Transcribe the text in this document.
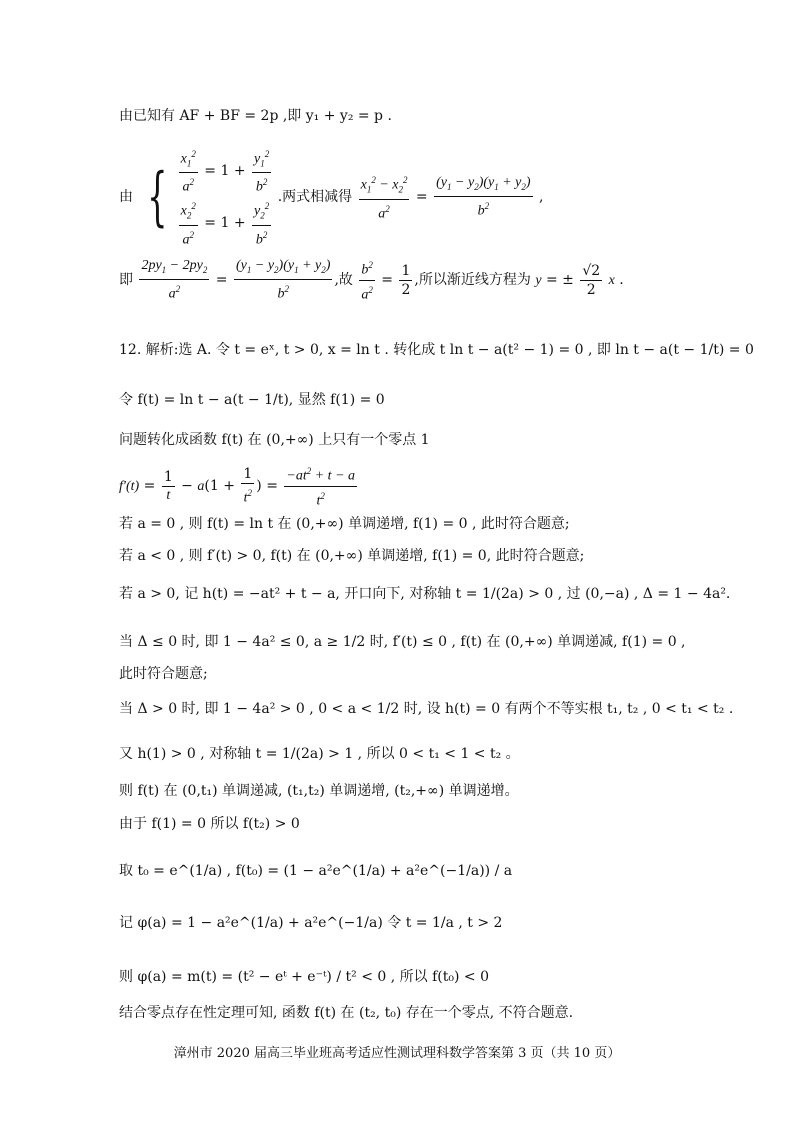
由已知有 AF + BF = 2p ,即 y₁ + y₂ = p .
由 { $\frac{x_1^2}{a^2} = 1 + \frac{y_1^2}{b^2}$
$\frac{x_2^2}{a^2} = 1 + \frac{y_2^2}{b^2}$ .两式相减得 $\frac{x_1^2 - x_2^2}{a^2} = \frac{(y_1 - y_2)(y_1 + y_2)}{b^2}$ ,
即 $\frac{2py_1 - 2py_2}{a^2} = \frac{(y_1 - y_2)(y_1 + y_2)}{b^2}$ ,故 $\frac{b^2}{a^2} = \frac{1}{2}$ ,所以渐近线方程为 y = ± $\frac{√2}{2}$ x .
12. 解析:选 A. 令 t = eˣ, t > 0, x = ln t . 转化成 t ln t − a(t² − 1) = 0 , 即 ln t − a(t − 1/t) = 0
令 f(t) = ln t − a(t − 1/t), 显然 f(1) = 0
问题转化成函数 f(t) 在 (0,+∞) 上只有一个零点 1
$f'(t) = \frac{1}{t} - a(1 + \frac{1}{t^2}$ ) = $\frac{-at^2 + t - a}{t^2}$
若 a = 0 , 则 f(t) = ln t 在 (0,+∞) 单调递增, f(1) = 0 , 此时符合题意;
若 a < 0 , 则 f′(t) > 0, f(t) 在 (0,+∞) 单调递增, f(1) = 0, 此时符合题意;
若 a > 0, 记 h(t) = −at² + t − a, 开口向下, 对称轴 t = 1/(2a) > 0 , 过 (0,−a) , Δ = 1 − 4a².
当 Δ ≤ 0 时, 即 1 − 4a² ≤ 0, a ≥ 1/2 时, f′(t) ≤ 0 , f(t) 在 (0,+∞) 单调递减, f(1) = 0 ,
此时符合题意;
当 Δ > 0 时, 即 1 − 4a² > 0 , 0 < a < 1/2 时, 设 h(t) = 0 有两个不等实根 t₁, t₂ , 0 < t₁ < t₂ .
又 h(1) > 0 , 对称轴 t = 1/(2a) > 1 , 所以 0 < t₁ < 1 < t₂ 。
则 f(t) 在 (0,t₁) 单调递减, (t₁,t₂) 单调递增, (t₂,+∞) 单调递增。
由于 f(1) = 0 所以 f(t₂) > 0
取 t₀ = e^(1/a) , f(t₀) = (1 − a²e^(1/a) + a²e^(−1/a)) / a
记 φ(a) = 1 − a²e^(1/a) + a²e^(−1/a) 令 t = 1/a , t > 2
则 φ(a) = m(t) = (t² − eᵗ + e⁻ᵗ) / t² < 0 , 所以 f(t₀) < 0
结合零点存在性定理可知, 函数 f(t) 在 (t₂, t₀) 存在一个零点, 不符合题意.
漳州市 2020 届高三毕业班高考适应性测试理科数学答案第 3 页（共 10 页）
